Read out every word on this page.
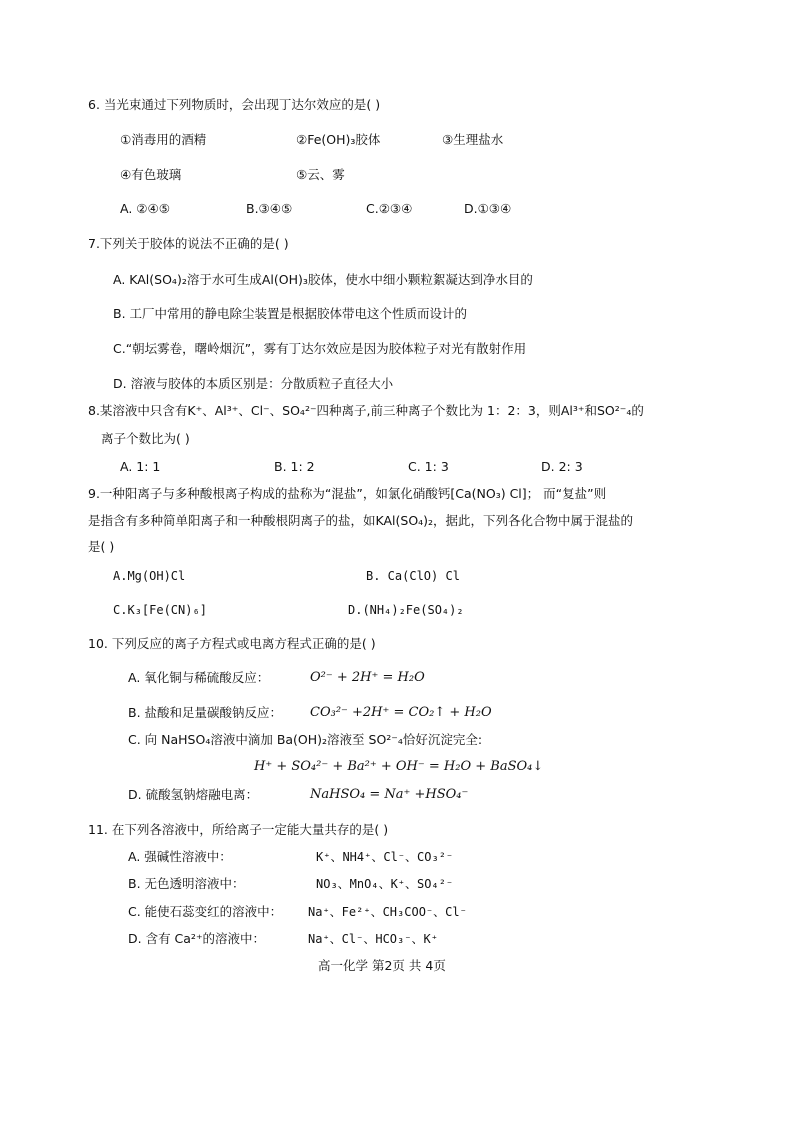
6. 当光束通过下列物质时，会出现丁达尔效应的是( )
①消毒用的酒精	②Fe(OH)₃胶体	③生理盐水
④有色玻璃	⑤云、雾
A. ②④⑤	B.③④⑤	C.②③④	D.①③④
7.下列关于胶体的说法不正确的是( )
A. KAl(SO₄)₂溶于水可生成Al(OH)₃胶体，使水中细小颗粒絮凝达到净水目的
B. 工厂中常用的静电除尘装置是根据胶体带电这个性质而设计的
C.“朝坛雾卷，曙岭烟沉”，雾有丁达尔效应是因为胶体粒子对光有散射作用
D. 溶液与胶体的本质区别是：分散质粒子直径大小
8.某溶液中只含有K⁺、Al³⁺、Cl⁻、SO₄²⁻四种离子,前三种离子个数比为 1：2：3，则Al³⁺和SO²⁻₄的
离子个数比为( )
A. 1: 1	B. 1: 2	C. 1: 3	D. 2: 3
9.一种阳离子与多种酸根离子构成的盐称为“混盐”，如氯化硝酸钙[Ca(NO₃) Cl]； 而“复盐”则
是指含有多种简单阳离子和一种酸根阴离子的盐，如KAl(SO₄)₂，据此，下列各化合物中属于混盐的
是( )
A.Mg(OH)Cl	B. Ca(ClO) Cl
C.K₃[Fe(CN)₆]	D.(NH₄)₂Fe(SO₄)₂
10. 下列反应的离子方程式或电离方程式正确的是( )
A. 氧化铜与稀硫酸反应：	O²⁻ + 2H⁺ = H₂O
B. 盐酸和足量碳酸钠反应： CO₃²⁻ +2H⁺ = CO₂↑ + H₂O
C. 向 NaHSO₄溶液中滴加 Ba(OH)₂溶液至 SO²⁻₄恰好沉淀完全:
H⁺ + SO₄²⁻ + Ba²⁺ + OH⁻ = H₂O + BaSO₄↓
D. 硫酸氢钠熔融电离：	NaHSO₄ = Na⁺ +HSO₄⁻
11. 在下列各溶液中，所给离子一定能大量共存的是( )
A. 强碱性溶液中：	K⁺、NH4⁺、Cl⁻、CO₃²⁻
B. 无色透明溶液中：	NO₃、MnO₄、K⁺、SO₄²⁻
C. 能使石蕊变红的溶液中： Na⁺、Fe²⁺、CH₃COO⁻、Cl⁻
D. 含有 Ca²⁺的溶液中：	Na⁺、Cl⁻、HCO₃⁻、K⁺
高一化学 第2页 共 4页
